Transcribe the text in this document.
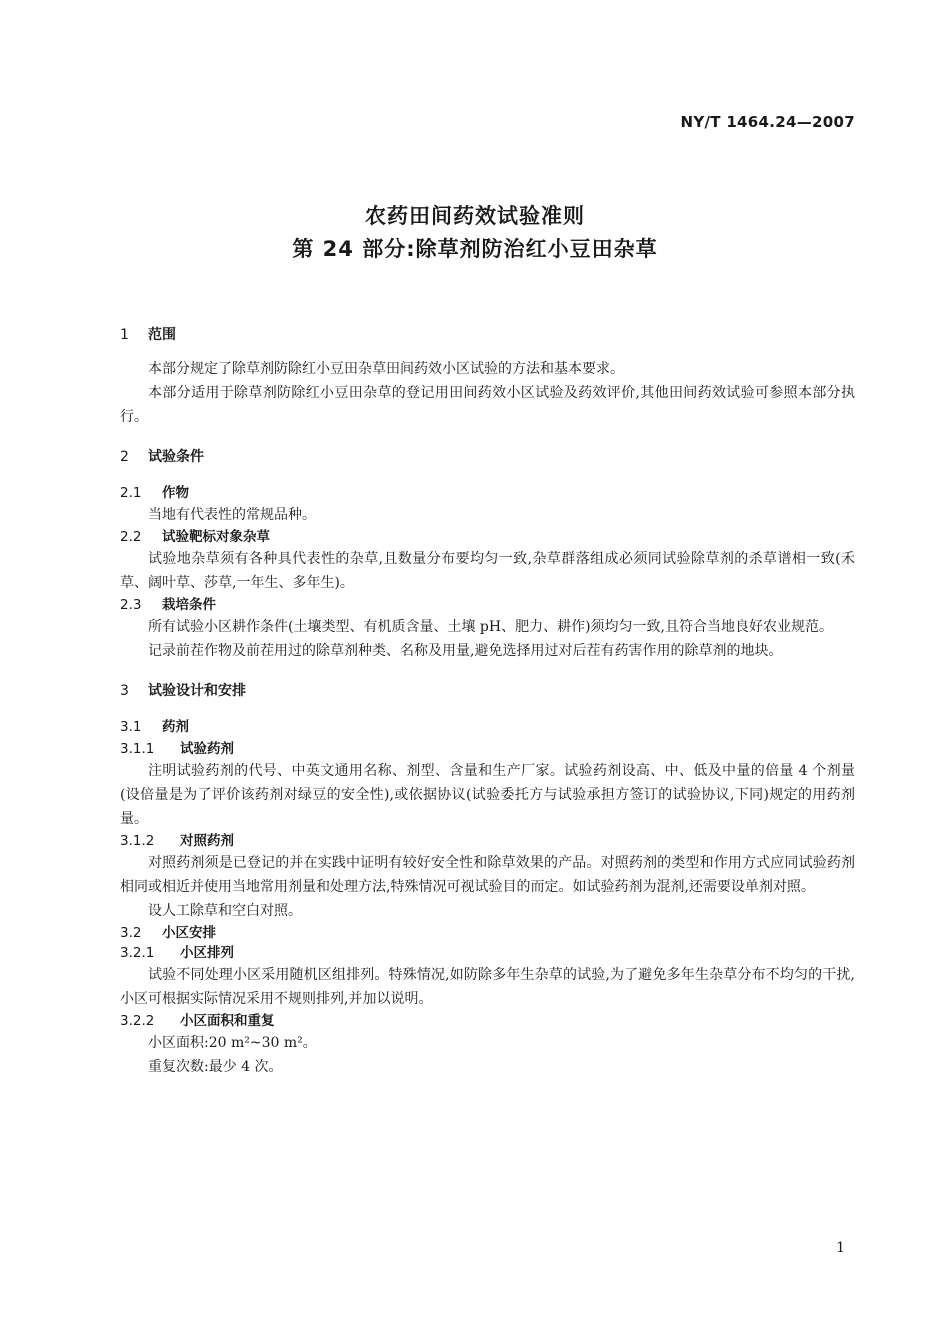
NY/T 1464.24—2007
农药田间药效试验准则
第 24 部分:除草剂防治红小豆田杂草
1 范围

本部分规定了除草剂防除红小豆田杂草田间药效小区试验的方法和基本要求。

本部分适用于除草剂防除红小豆田杂草的登记用田间药效小区试验及药效评价,其他田间药效试验可参照本部分执行。

2 试验条件
2.1 作物

当地有代表性的常规品种。

2.2 试验靶标对象杂草

试验地杂草须有各种具代表性的杂草,且数量分布要均匀一致,杂草群落组成必须同试验除草剂的杀草谱相一致(禾草、阔叶草、莎草,一年生、多年生)。

2.3 栽培条件

所有试验小区耕作条件(土壤类型、有机质含量、土壤 pH、肥力、耕作)须均匀一致,且符合当地良好农业规范。

记录前茬作物及前茬用过的除草剂种类、名称及用量,避免选择用过对后茬有药害作用的除草剂的地块。

3 试验设计和安排
3.1 药剂
3.1.1 试验药剂

注明试验药剂的代号、中英文通用名称、剂型、含量和生产厂家。试验药剂设高、中、低及中量的倍量 4 个剂量(设倍量是为了评价该药剂对绿豆的安全性),或依据协议(试验委托方与试验承担方签订的试验协议,下同)规定的用药剂量。

3.1.2 对照药剂

对照药剂须是已登记的并在实践中证明有较好安全性和除草效果的产品。对照药剂的类型和作用方式应同试验药剂相同或相近并使用当地常用剂量和处理方法,特殊情况可视试验目的而定。如试验药剂为混剂,还需要设单剂对照。

设人工除草和空白对照。

3.2 小区安排
3.2.1 小区排列

试验不同处理小区采用随机区组排列。特殊情况,如防除多年生杂草的试验,为了避免多年生杂草分布不均匀的干扰,小区可根据实际情况采用不规则排列,并加以说明。

3.2.2 小区面积和重复

小区面积:20 m²~30 m²。

重复次数:最少 4 次。

1
